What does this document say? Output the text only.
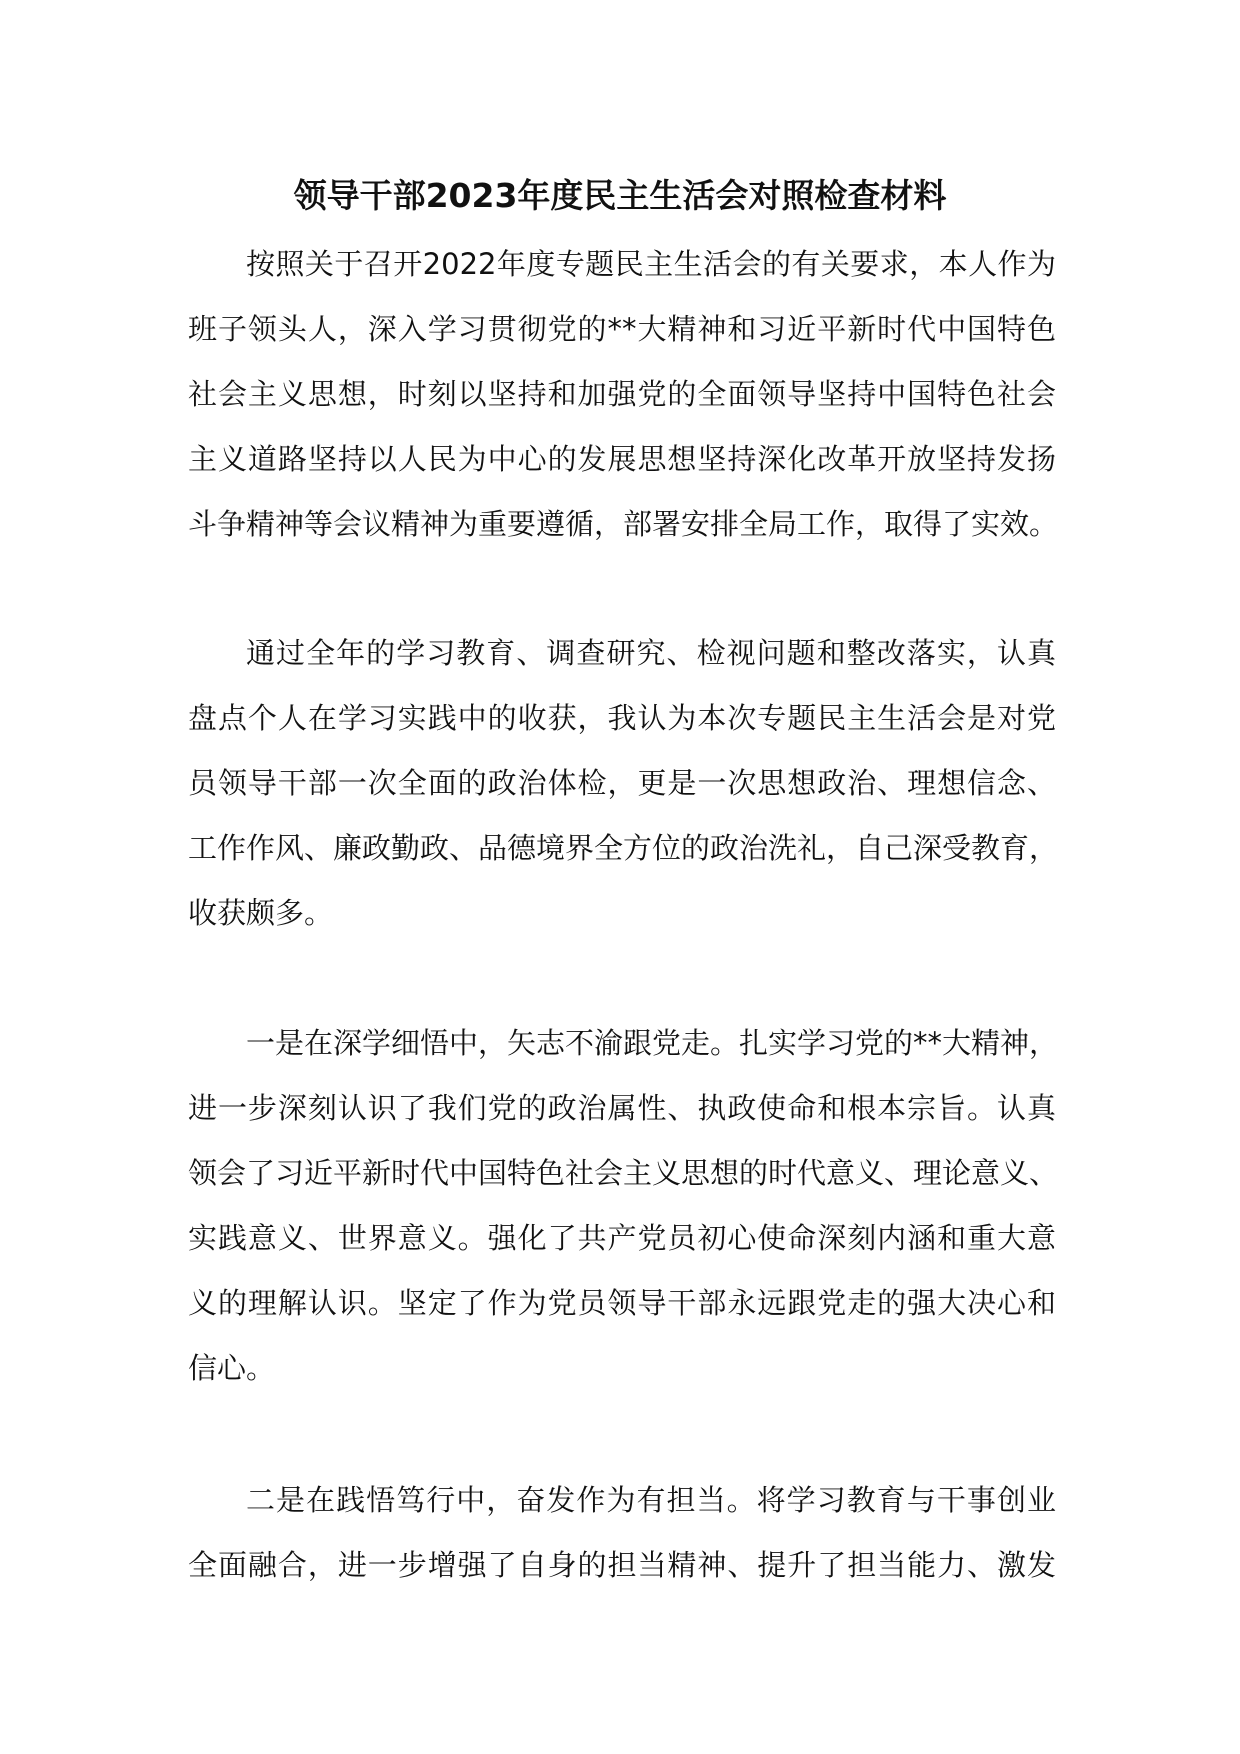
领导干部2023年度民主生活会对照检查材料
按照关于召开2022年度专题民主生活会的有关要求，本人作为
班子领头人，深入学习贯彻党的**大精神和习近平新时代中国特色
社会主义思想，时刻以坚持和加强党的全面领导坚持中国特色社会
主义道路坚持以人民为中心的发展思想坚持深化改革开放坚持发扬
斗争精神等会议精神为重要遵循，部署安排全局工作，取得了实效。
通过全年的学习教育、调查研究、检视问题和整改落实，认真
盘点个人在学习实践中的收获，我认为本次专题民主生活会是对党
员领导干部一次全面的政治体检，更是一次思想政治、理想信念、
工作作风、廉政勤政、品德境界全方位的政治洗礼，自己深受教育，
收获颇多。
一是在深学细悟中，矢志不渝跟党走。扎实学习党的**大精神，
进一步深刻认识了我们党的政治属性、执政使命和根本宗旨。认真
领会了习近平新时代中国特色社会主义思想的时代意义、理论意义、
实践意义、世界意义。强化了共产党员初心使命深刻内涵和重大意
义的理解认识。坚定了作为党员领导干部永远跟党走的强大决心和
信心。
二是在践悟笃行中，奋发作为有担当。将学习教育与干事创业
全面融合，进一步增强了自身的担当精神、提升了担当能力、激发
